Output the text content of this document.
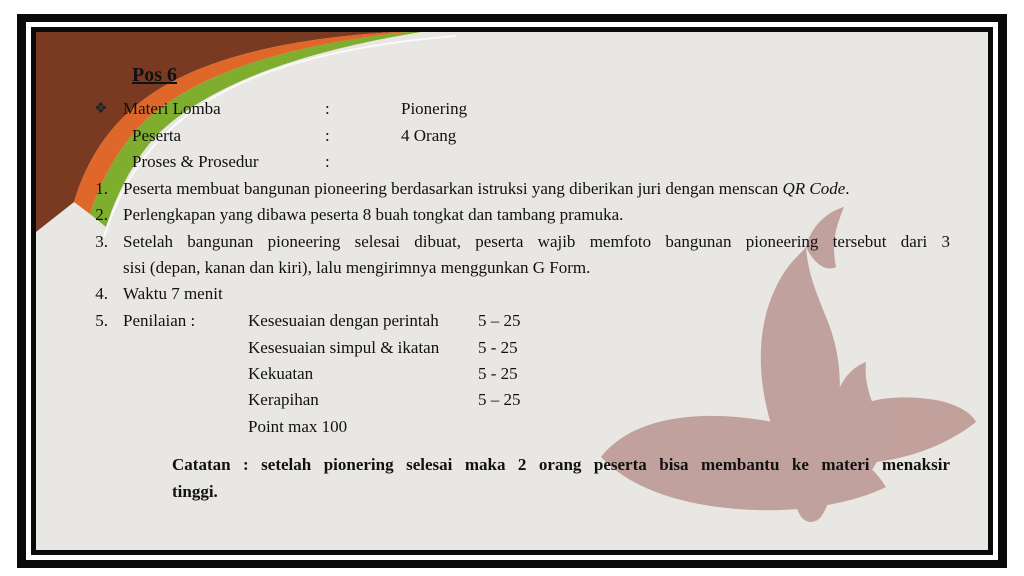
Pos 6
❖ Materi Lomba	:	Pionering
Peserta	:	4 Orang
Proses & Prosedur	:
1. Peserta membuat bangunan pioneering berdasarkan istruksi yang diberikan juri dengan menscan QR Code.
2. Perlengkapan yang dibawa peserta 8 buah tongkat dan tambang pramuka.
3. Setelah bangunan pioneering selesai dibuat, peserta wajib memfoto bangunan pioneering tersebut dari 3
sisi (depan, kanan dan kiri), lalu mengirimnya menggunkan G Form.
4. Waktu 7 menit
5. Penilaian :	Kesesuaian dengan perintah 5 – 25
Kesesuaian simpul & ikatan 5 - 25
Kekuatan	5 - 25
Kerapihan	5 – 25
Point max 100
Catatan : setelah pionering selesai maka 2 orang peserta bisa membantu ke materi menaksir
tinggi.
